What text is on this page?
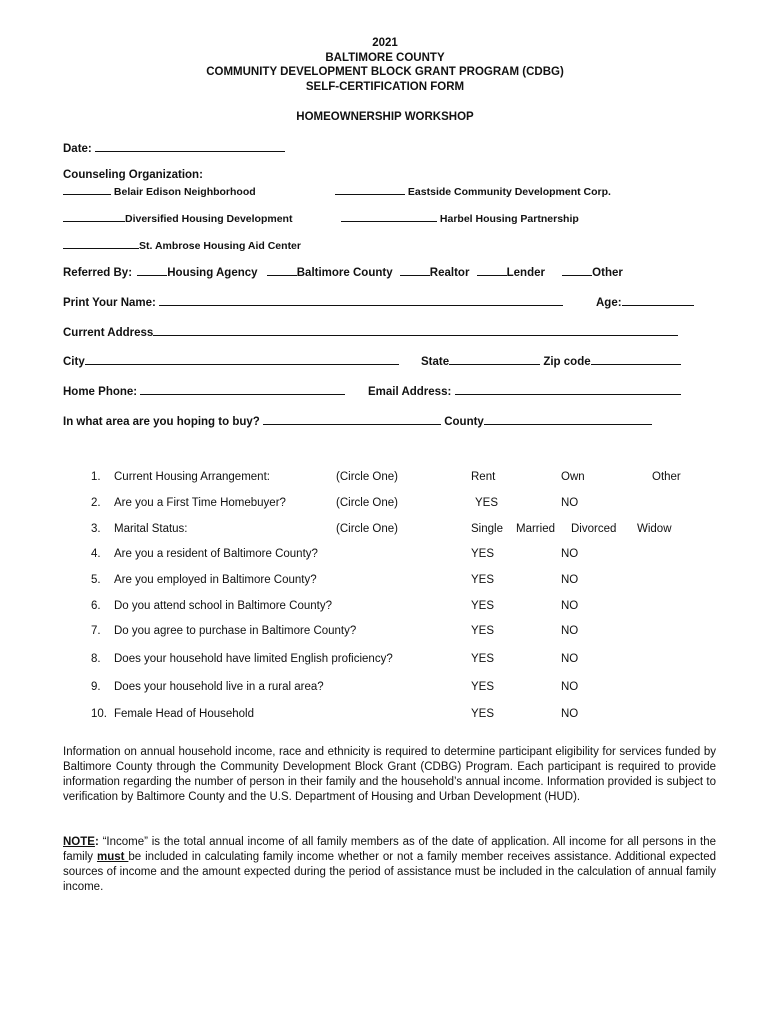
2021
BALTIMORE COUNTY
COMMUNITY DEVELOPMENT BLOCK GRANT PROGRAM (CDBG)
SELF-CERTIFICATION FORM
HOMEOWNERSHIP WORKSHOP
Date:
Counseling Organization:
Belair Edison Neighborhood	Eastside Community Development Corp.
Diversified Housing Development	Harbel Housing Partnership
St. Ambrose Housing Aid Center
Referred By:	Housing Agency	Baltimore County	Realtor	Lender	Other
Print Your Name:	Age:
Current Address
City	State	Zip code
Home Phone:	Email Address:
In what area are you hoping to buy?	County
1. Current Housing Arrangement:	(Circle One)	Rent	Own	Other
2. Are you a First Time Homebuyer?	(Circle One)	YES	NO
3. Marital Status:	(Circle One)	Single Married Divorced Widow
4. Are you a resident of Baltimore County?	YES	NO
5. Are you employed in Baltimore County?	YES	NO
6. Do you attend school in Baltimore County?	YES	NO
7. Do you agree to purchase in Baltimore County?	YES	NO
8. Does your household have limited English proficiency?	YES	NO
9. Does your household live in a rural area?	YES	NO
10. Female Head of Household	YES	NO
Information on annual household income, race and ethnicity is required to determine participant eligibility for services funded by Baltimore County through the Community Development Block Grant (CDBG) Program. Each participant is required to provide information regarding the number of person in their family and the household’s annual income. Information provided is subject to verification by Baltimore County and the U.S. Department of Housing and Urban Development (HUD).
NOTE: “Income” is the total annual income of all family members as of the date of application. All income for all persons in the family must be included in calculating family income whether or not a family member receives assistance. Additional expected sources of income and the amount expected during the period of assistance must be included in the calculation of annual family income.
